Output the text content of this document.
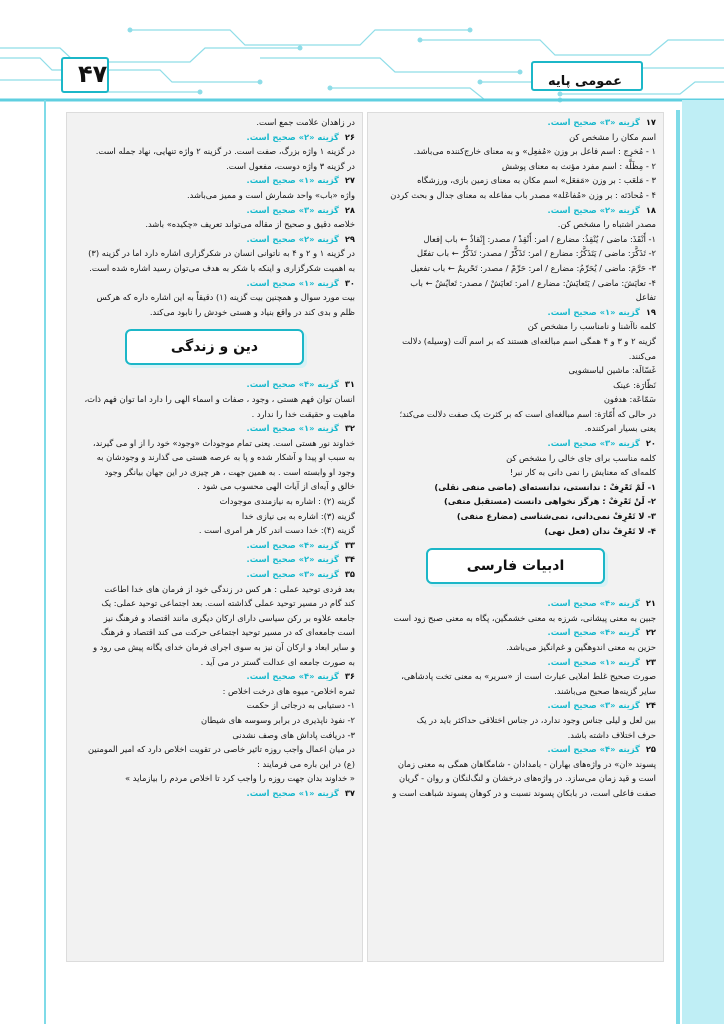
۴۷	عمومی پایه
۱۷گزینه «۳» صحیح است.
اسم مکان را مشخص کن
۱ - مُخرِج : اسم فاعل بر وزن «مُفعِل» و به معنای خارج‌کننده می‌باشد.
۲ - مِظَلَّة : اسم مفرد مؤنث به معنای پوشش
۳ - مَلعَب : بر وزن «مَفعَل» اسم مکان به معنای زمین بازی، ورزشگاه
۴ - مُحادَثه : بر وزن «مُفاعَلة» مصدر باب مفاعله به معنای جدال و بحث کردن
۱۸گزینه «۲» صحیح است.
مصدر اشتباه را مشخص کن.
۱- أَنْقَذَ: ماضی / یُنْقِذُ: مضارع / امر: أَنْقِذْ / مصدر: إِنْقاذٌ ← باب إفعال
۲- تَذَکَّرَ: ماضی / یَتَذَکَّرُ: مضارع / امر: تَذَکَّرْ / مصدر: تَذَکُّرٌ ← باب تفعّل
۳- حَرَّمَ: ماضی / یُحَرِّمُ: مضارع / امر: حَرِّمْ / مصدر: تَحْریمٌ ← باب تفعیل
۴- تعایَشَ: ماضی / یَتَعایَشُ: مضارع / امر: تَعایَشْ / مصدر: تَعایُشٌ ← باب
تفاعل
۱۹گزینه «۱» صحیح است.
کلمه ناآشنا و نامناسب را مشخص کن
گزینه ۲ و ۳ و ۴ همگی اسم مبالغه‌ای هستند که بر اسم آلت (وسیله) دلالت
می‌کنند.
غَسّالَة: ماشین لباسشویی
نَظّارَة: عینک
سَمّاعَة: هدفون
در حالی که أَمّارَة: اسم مبالغه‌ای است که بر کثرت یک صفت دلالت می‌کند؛
یعنی بسیار امرکننده.
۲۰گزینه «۳» صحیح است.
کلمه مناسب برای جای خالی را مشخص کن
کلمه‌ای که معنایش را نمی دانی به کار نبر!
۱- لَمْ تَعْرِفْ : ندانستی، ندانسته‌ای (ماضی منفی نقلی)
۲- لَنْ تَعْرِفْ : هرگز نخواهی دانست (مستقبل منفی)
۳- لا تَعْرِفْ نمی‌دانی، نمی‌شناسی (مضارع منفی)
۴- لا تَعْرِفْ ندان (فعل نهی)
ادبیات فارسی
۲۱گزینه «۴» صحیح است.
جبین به معنی پیشانی، شرزه به معنی خشمگین، پگاه به معنی صبح زود است
۲۲گزینه «۴» صحیح است.
حزین به معنی اندوهگین و غم‌انگیز می‌باشد.
۲۳گزینه «۱» صحیح است.
صورت صحیح غلط املایی عبارت است از «سریر» به معنی تخت پادشاهی،
سایر گزینه‌ها صحیح می‌باشند.
۲۴گزینه «۳» صحیح است.
بین لعل و لیلی جناس وجود ندارد، در جناس اختلافی حداکثر باید در یک
حرف اختلاف داشته باشد.
۲۵گزینه «۴» صحیح است.
پسوند «ان» در واژه‌های بهاران - بامدادان - شامگاهان همگی به معنی زمان
است و قید زمان می‌سازد. در واژه‌های درخشان و لنگ‌لنگان و روان - گریان
صفت فاعلی است، در بابکان پسوند نسبت و در کوهان پسوند شباهت است و
در زاهدان علامت جمع است.
۲۶گزینه «۲» صحیح است.
در گزینه ۱ واژه بزرگ، صفت است. در گزینه ۲ واژه تنهایی، نهاد جمله است.
در گزینه ۳ واژه دوست، مفعول است.
۲۷گزینه «۱» صحیح است.
واژه «باب» واحد شمارش است و ممیز می‌باشد.
۲۸گزینه «۳» صحیح است.
خلاصه دقیق و صحیح از مقاله می‌تواند تعریف «چکیده» باشد.
۲۹گزینه «۲» صحیح است.
در گزینه ۱ و ۲ و ۴ به ناتوانی انسان در شکرگزاری اشاره دارد اما در گزینه (۳)
به اهمیت شکرگزاری و اینکه با شکر به هدف می‌توان رسید اشاره شده است.
۳۰گزینه «۱» صحیح است.
بیت مورد سوال و همچنین بیت گزینه (۱) دقیقاً به این اشاره داره که هرکس
ظلم و بدی کند در واقع بنیاد و هستی خودش را نابود می‌کند.
دین و زندگی
۳۱گزینه «۴» صحیح است.
انسان توان فهم هستی ، وجود ، صفات و اسماء الهی را دارد اما توان فهم ذات،
ماهیت و حقیقت خدا را ندارد .
۳۲گزینه «۱» صحیح است.
خداوند نور هستی است. یعنی تمام موجودات «وجود» خود را از او می گیرند،
به سبب او پیدا و آشکار شده و پا به عرصه هستی می گذارند و وجودشان به
وجود او وابسته است . به همین جهت ، هر چیزی در این جهان بیانگر وجود
خالق و آیه‌ای از آیات الهی محسوب می شود .
گزینه (۲) : اشاره به نیازمندی موجودات
گزینه (۳): اشاره به بی نیازی خدا
گزینه (۴): خدا دست اندر کار هر امری است .
۳۳گزینه «۴» صحیح است.
۳۴گزینه «۲» صحیح است.
۳۵گزینه «۳» صحیح است.
بعد فردی توحید عملی : هر کس در زندگی خود از فرمان های خدا اطاعت
کند گام در مسیر توحید عملی گذاشته است. بعد اجتماعی توحید عملی: یک
جامعه علاوه بر رکن سیاسی دارای ارکان دیگری مانند اقتصاد و فرهنگ نیز
است جامعه‌ای که در مسیر توحید اجتماعی حرکت می کند اقتصاد و فرهنگ
و سایر ابعاد و ارکان آن نیز به سوی اجرای فرمان خدای یگانه پیش می رود و
به صورت جامعه ای عدالت گستر در می آید .
۳۶گزینه «۴» صحیح است.
ثمره اخلاص- میوه های درخت اخلاص :
۱- دستیابی به درجاتی از حکمت
۲- نفوذ ناپذیری در برابر وسوسه های شیطان
۳- دریافت پاداش های وصف نشدنی
در میان اعمال واجب روزه تاثیر خاصی در تقویت اخلاص دارد که امیر المومنین
(ع) در این باره می فرمایند :
« خداوند بدان جهت روزه را واجب کرد تا اخلاص مردم را بیازماید »
۳۷گزینه «۱» صحیح است.
